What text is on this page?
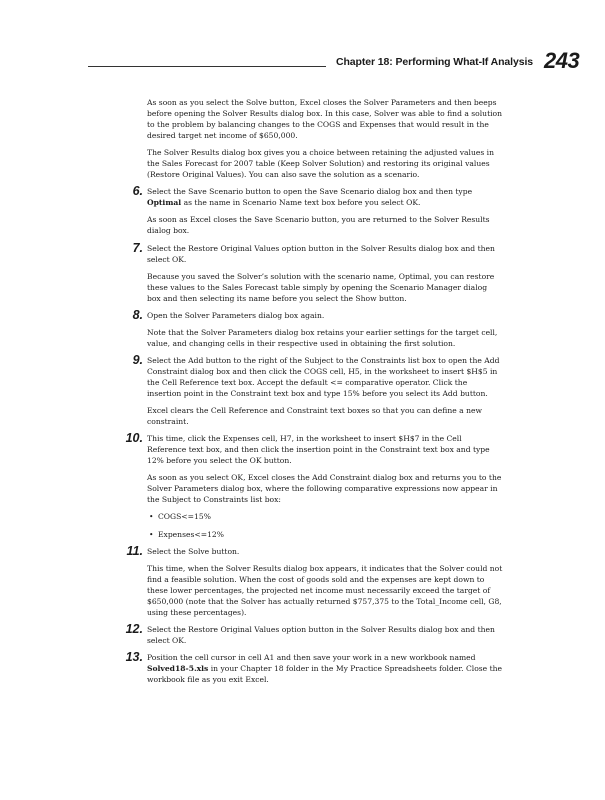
Chapter 18: Performing What-If Analysis 243

As soon as you select the Solve button, Excel closes the Solver Parameters and then beeps before opening the Solver Results dialog box. In this case, Solver was able to find a solution to the problem by balancing changes to the COGS and Expenses that would result in the desired target net income of $650,000.

The Solver Results dialog box gives you a choice between retaining the adjusted values in the Sales Forecast for 2007 table (Keep Solver Solution) and restoring its original values (Restore Original Values). You can also save the solution as a scenario.

6. Select the Save Scenario button to open the Save Scenario dialog box and then type Optimal as the name in Scenario Name text box before you select OK.

As soon as Excel closes the Save Scenario button, you are returned to the Solver Results dialog box.

7. Select the Restore Original Values option button in the Solver Results dialog box and then select OK.

Because you saved the Solver’s solution with the scenario name, Optimal, you can restore these values to the Sales Forecast table simply by opening the Scenario Manager dialog box and then selecting its name before you select the Show button.

8. Open the Solver Parameters dialog box again.

Note that the Solver Parameters dialog box retains your earlier settings for the target cell, value, and changing cells in their respective used in obtaining the first solution.

9. Select the Add button to the right of the Subject to the Constraints list box to open the Add Constraint dialog box and then click the COGS cell, H5, in the worksheet to insert $H$5 in the Cell Reference text box. Accept the default <= comparative operator. Click the insertion point in the Constraint text box and type 15% before you select its Add button.

Excel clears the Cell Reference and Constraint text boxes so that you can define a new constraint.

10. This time, click the Expenses cell, H7, in the worksheet to insert $H$7 in the Cell Reference text box, and then click the insertion point in the Constraint text box and type 12% before you select the OK button.

As soon as you select OK, Excel closes the Add Constraint dialog box and returns you to the Solver Parameters dialog box, where the following comparative expressions now appear in the Subject to Constraints list box:

• COGS<=15%
• Expenses<=12%
11. Select the Solve button.

This time, when the Solver Results dialog box appears, it indicates that the Solver could not find a feasible solution. When the cost of goods sold and the expenses are kept down to these lower percentages, the projected net income must necessarily exceed the target of $650,000 (note that the Solver has actually returned $757,375 to the Total_Income cell, G8, using these percentages).

12. Select the Restore Original Values option button in the Solver Results dialog box and then select OK.
13. Position the cell cursor in cell A1 and then save your work in a new workbook named Solved18-5.xls in your Chapter 18 folder in the My Practice Spreadsheets folder. Close the workbook file as you exit Excel.
